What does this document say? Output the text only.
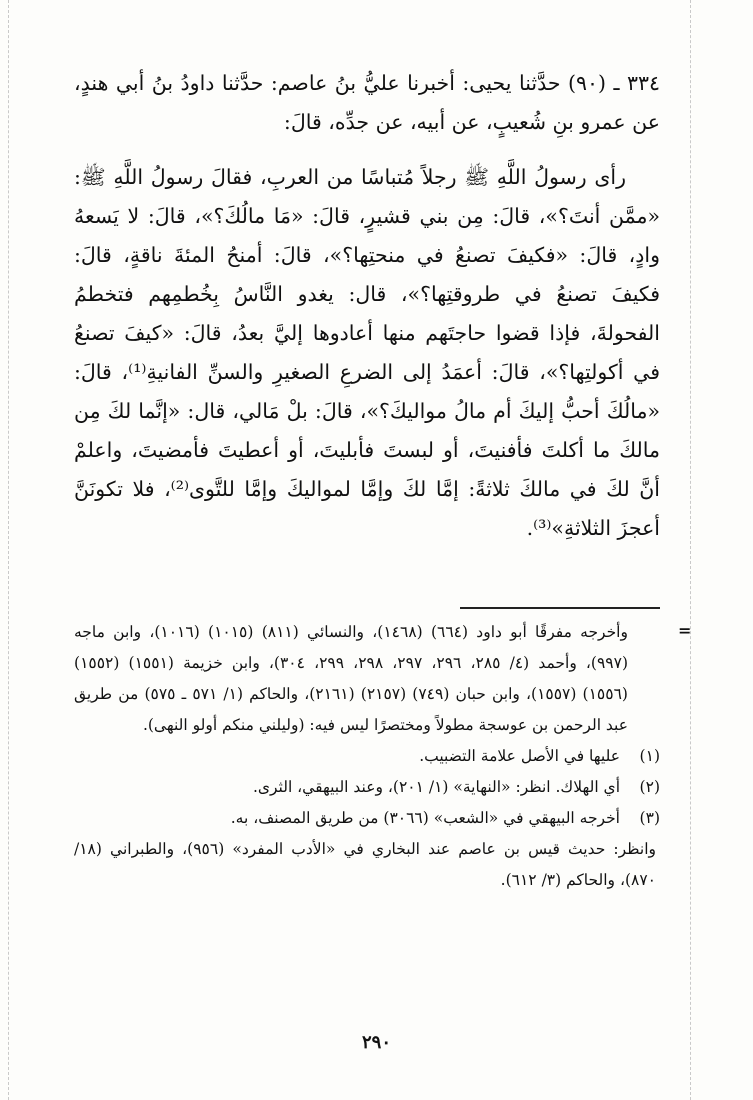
٣٣٤ ـ (٩٠) حدَّثنا يحيى: أخبرنا عليُّ بنُ عاصم: حدَّثنا داودُ بنُ أبي هندٍ، عن عمرو بنِ شُعيبٍ، عن أبيه، عن جدِّه، قالَ:

رأى رسولُ اللَّهِ ﷺ رجلاً مُتباسًا من العربِ، فقالَ رسولُ اللَّهِ ﷺ: «ممَّن أنتَ؟»، قالَ: مِن بني قشيرٍ، قالَ: «مَا مالُكَ؟»، قالَ: لا يَسعهُ وادٍ، قالَ: «فكيفَ تصنعُ في منحتِها؟»، قالَ: أمنحُ المئةَ ناقةٍ، قالَ: فكيفَ تصنعُ في طروقتِها؟»، قال: يغدو النَّاسُ بِخُطمِهم فتخطمُ الفحولةَ، فإذا قضوا حاجتَهم منها أعادوها إليَّ بعدُ، قالَ: «كيفَ تصنعُ في أكولتِها؟»، قالَ: أعمَدُ إلى الضرعِ الصغيرِ والسنِّ الفانيةِ⁽¹⁾، قالَ: «مالُكَ أحبُّ إليكَ أم مالُ مواليكَ؟»، قالَ: بلْ مَالي، قال: «إنَّما لكَ مِن مالكَ ما أكلتَ فأفنيتَ، أو لبستَ فأبليتَ، أو أعطيتَ فأمضيتَ، واعلمْ أنَّ لكَ في مالكَ ثلاثةً: إمَّا لكَ وإمَّا لمواليكَ وإمَّا للتَّوى⁽²⁾، فلا تكونَنَّ أعجزَ الثلاثةِ»⁽³⁾.

=

وأخرجه مفرقًا أبو داود (٦٦٤) (١٤٦٨)، والنسائي (٨١١) (١٠١٥) (١٠١٦)، وابن ماجه (٩٩٧)، وأحمد (٤/ ٢٨٥، ٢٩٦، ٢٩٧، ٢٩٨، ٢٩٩، ٣٠٤)، وابن خزيمة (١٥٥١) (١٥٥٢) (١٥٥٦) (١٥٥٧)، وابن حبان (٧٤٩) (٢١٥٧) (٢١٦١)، والحاكم (١/ ٥٧١ ـ ٥٧٥) من طريق عبد الرحمن بن عوسجة مطولاً ومختصرًا ليس فيه: (وليلني منكم أولو النهى).

(١)
عليها في الأصل علامة التضبيب.
(٢)
أي الهلاك. انظر: «النهاية» (١/ ٢٠١)، وعند البيهقي، الثرى.
(٣)
أخرجه البيهقي في «الشعب» (٣٠٦٦) من طريق المصنف، به.

وانظر: حديث قيس بن عاصم عند البخاري في «الأدب المفرد» (٩٥٦)، والطبراني (١٨/ ٨٧٠)، والحاكم (٣/ ٦١٢).

٢٩٠
